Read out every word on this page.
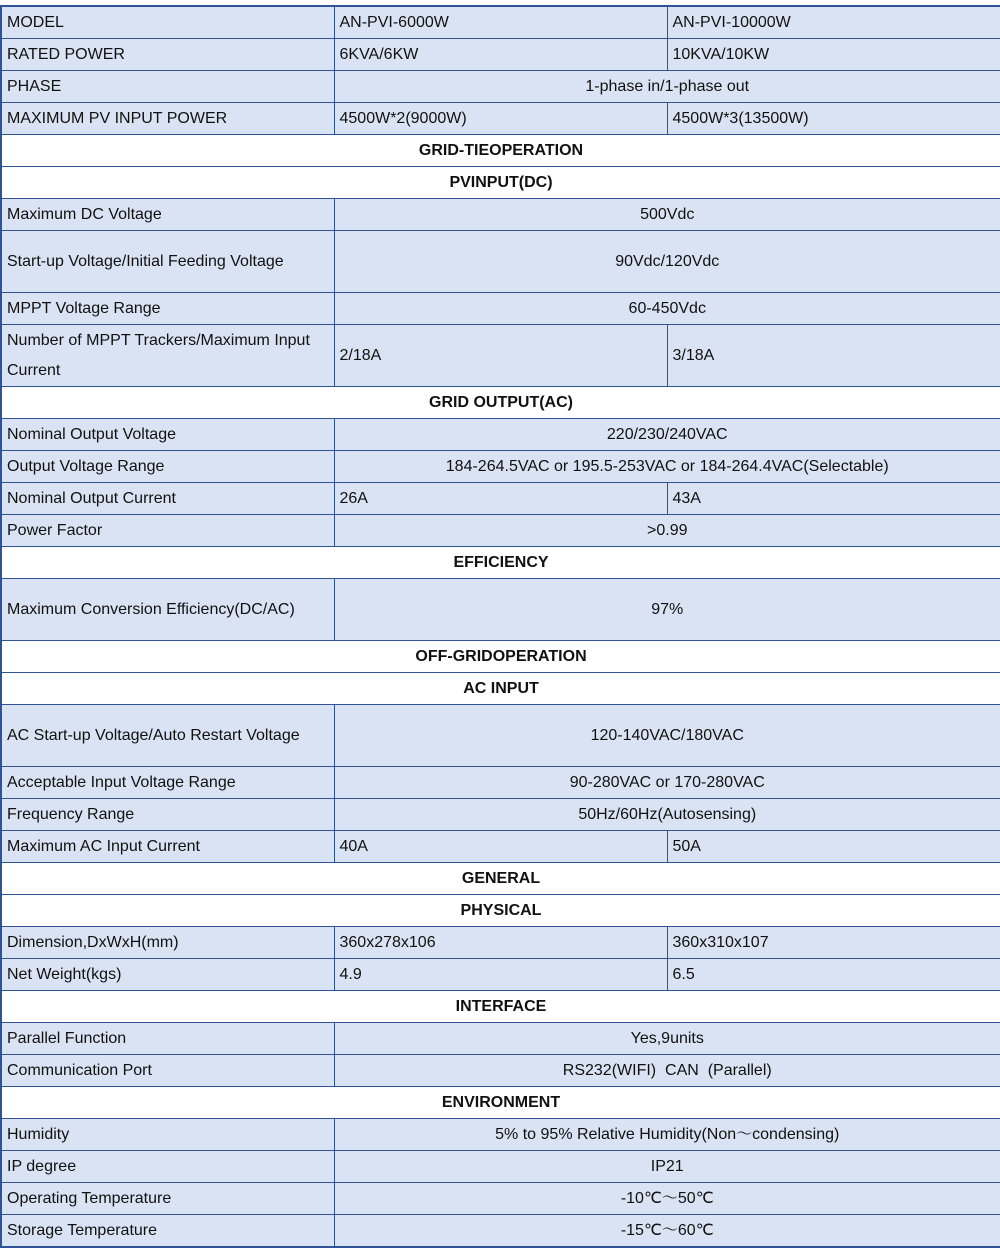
MODEL	AN-PVI-6000W	AN-PVI-10000W
RATED POWER	6KVA/6KW	10KVA/10KW
PHASE	1-phase in/1-phase out	
MAXIMUM PV INPUT POWER	4500W*2(9000W)	4500W*3(13500W)
GRID-TIEOPERATION		
PVINPUT(DC)		
Maximum DC Voltage	500Vdc	
Start-up Voltage/Initial Feeding Voltage	90Vdc/120Vdc	
MPPT Voltage Range	60-450Vdc	
Number of MPPT Trackers/Maximum Input Current	2/18A	3/18A
GRID OUTPUT(AC)		
Nominal Output Voltage	220/230/240VAC	
Output Voltage Range	184-264.5VAC or 195.5-253VAC or 184-264.4VAC(Selectable)	
Nominal Output Current	26A	43A
Power Factor	>0.99	
EFFICIENCY		
Maximum Conversion Efficiency(DC/AC)	97%	
OFF-GRIDOPERATION		
AC INPUT		
AC Start-up Voltage/Auto Restart Voltage	120-140VAC/180VAC	
Acceptable Input Voltage Range	90-280VAC or 170-280VAC	
Frequency Range	50Hz/60Hz(Autosensing)	
Maximum AC Input Current	40A	50A
GENERAL		
PHYSICAL		
Dimension,DxWxH(mm)	360x278x106	360x310x107
Net Weight(kgs)	4.9	6.5
INTERFACE		
Parallel Function	Yes,9units	
Communication Port	RS232(WIFI)  CAN  (Parallel)	
ENVIRONMENT		
Humidity	5% to 95% Relative Humidity(Non～condensing)	
IP degree	IP21	
Operating Temperature	-10℃～50℃	
Storage Temperature	-15℃～60℃	
